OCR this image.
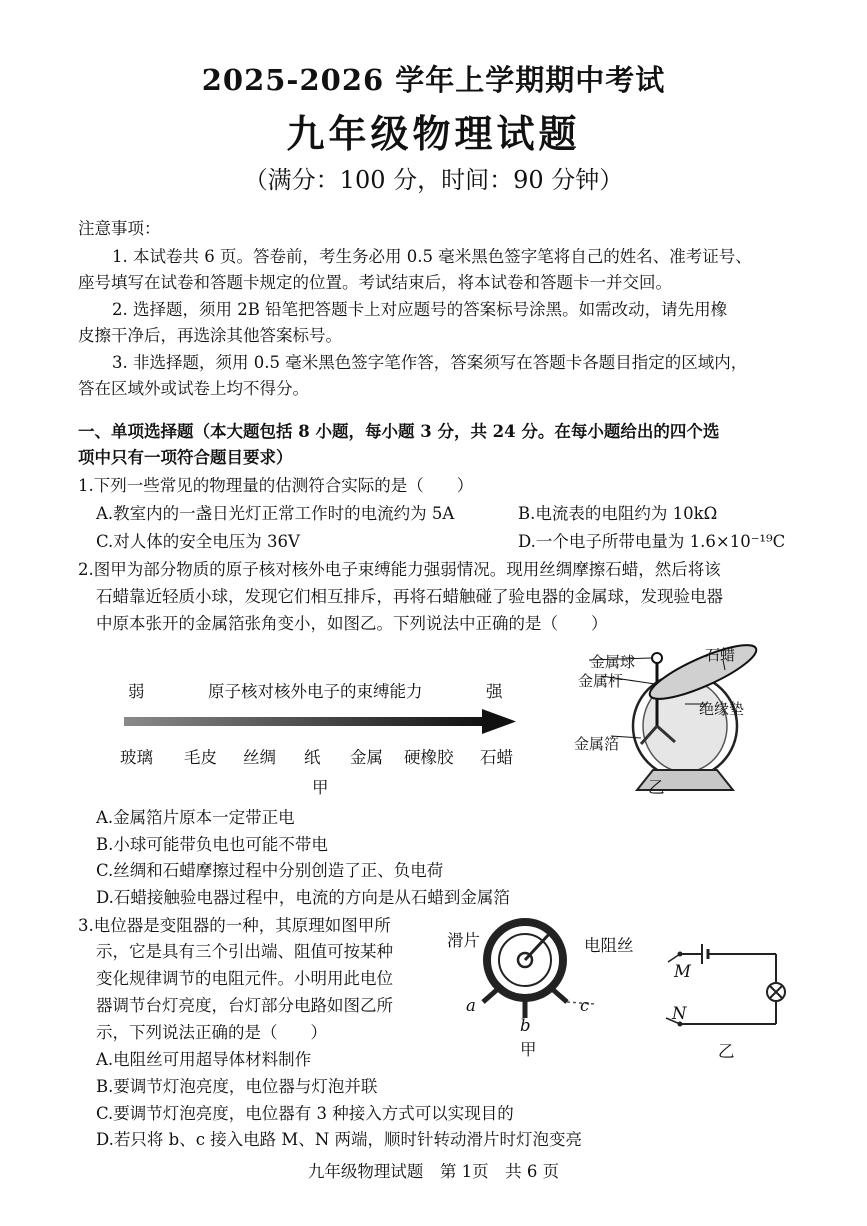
2025-2026 学年上学期期中考试
九年级物理试题
（满分：100 分，时间：90 分钟）
注意事项：
1. 本试卷共 6 页。答卷前，考生务必用 0.5 毫米黑色签字笔将自己的姓名、准考证号、
座号填写在试卷和答题卡规定的位置。考试结束后，将本试卷和答题卡一并交回。
2. 选择题，须用 2B 铅笔把答题卡上对应题号的答案标号涂黑。如需改动，请先用橡
皮擦干净后，再选涂其他答案标号。
3. 非选择题，须用 0.5 毫米黑色签字笔作答，答案须写在答题卡各题目指定的区域内，
答在区域外或试卷上均不得分。
一、单项选择题（本大题包括 8 小题，每小题 3 分，共 24 分。在每小题给出的四个选
项中只有一项符合题目要求）
1.下列一些常见的物理量的估测符合实际的是（　　）
A.教室内的一盏日光灯正常工作时的电流约为 5A	B.电流表的电阻约为 10kΩ
C.对人体的安全电压为 36V	D.一个电子所带电量为 1.6×10⁻¹⁹C
2.图甲为部分物质的原子核对核外电子束缚能力强弱情况。现用丝绸摩擦石蜡，然后将该
石蜡靠近轻质小球，发现它们相互排斥，再将石蜡触碰了验电器的金属球，发现验电器
中原本张开的金属箔张角变小，如图乙。下列说法中正确的是（　　）
弱	原子核对核外电子的束缚能力	强
玻璃 毛皮 丝绸 纸 金属 硬橡胶 石蜡
甲
金属球
金属杆
石蜡
绝缘垫
金属箔
乙
A.金属箔片原本一定带正电
B.小球可能带负电也可能不带电
C.丝绸和石蜡摩擦过程中分别创造了正、负电荷
D.石蜡接触验电器过程中，电流的方向是从石蜡到金属箔
3.电位器是变阻器的一种，其原理如图甲所
示，它是具有三个引出端、阻值可按某种
变化规律调节的电阻元件。小明用此电位
器调节台灯亮度，台灯部分电路如图乙所
示，下列说法正确的是（　　）
滑片	电阻丝
a
b
c
甲
M
N
乙
A.电阻丝可用超导体材料制作
B.要调节灯泡亮度，电位器与灯泡并联
C.要调节灯泡亮度，电位器有 3 种接入方式可以实现目的
D.若只将 b、c 接入电路 M、N 两端，顺时针转动滑片时灯泡变亮
九年级物理试题　第 1页　共 6 页
